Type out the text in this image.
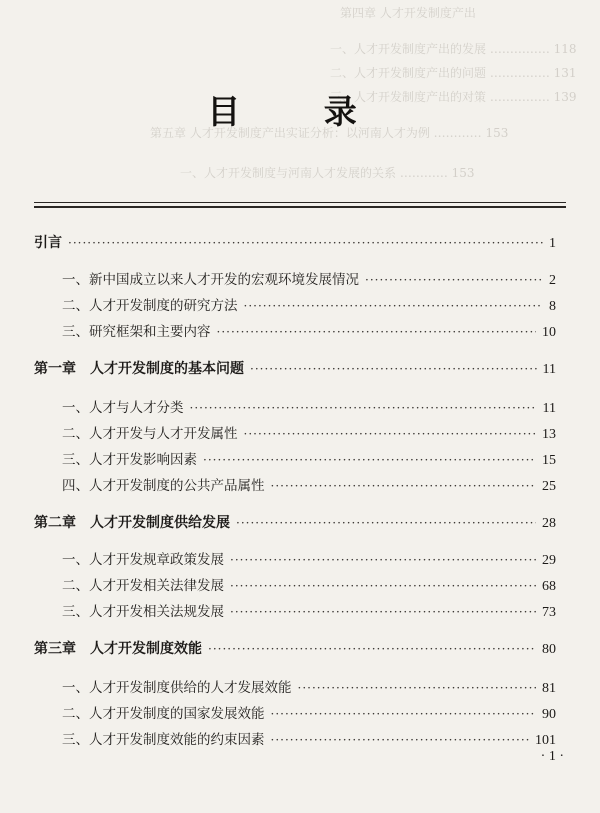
第四章 人才开发制度产出
一、人才开发制度产出的发展 …………… 118
二、人才开发制度产出的问题 …………… 131
三、人才开发制度产出的对策 …………… 139
第五章 人才开发制度产出实证分析：以河南人才为例 ………… 153
一、人才开发制度与河南人才发展的关系 ………… 153
目 录
引言 ·····	1
一、新中国成立以来人才开发的宏观环境发展情况 ·····	2
二、人才开发制度的研究方法 ·····	8
三、研究框架和主要内容 ·····	10
第一章 人才开发制度的基本问题 ·····	11
一、人才与人才分类 ·····	11
二、人才开发与人才开发属性 ·····	13
三、人才开发影响因素 ·····	15
四、人才开发制度的公共产品属性 ·····	25
第二章 人才开发制度供给发展 ·····	28
一、人才开发规章政策发展 ·····	29
二、人才开发相关法律发展 ·····	68
三、人才开发相关法规发展 ·····	73
第三章 人才开发制度效能 ·····	80
一、人才开发制度供给的人才发展效能 ·····	81
二、人才开发制度的国家发展效能 ·····	90
三、人才开发制度效能的约束因素 ·····	101
· 1 ·
